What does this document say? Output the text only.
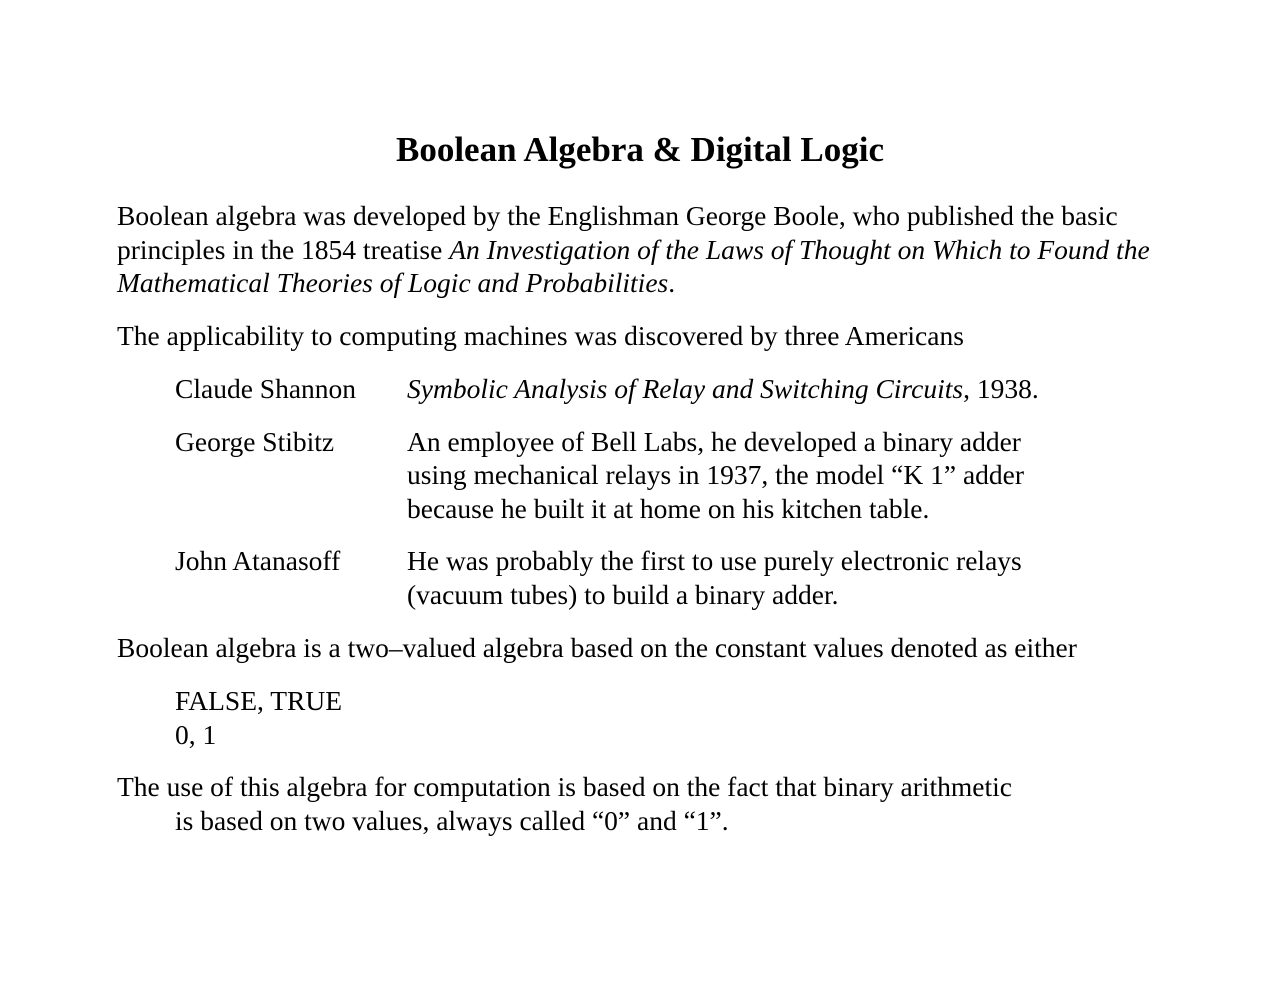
Boolean Algebra & Digital Logic

Boolean algebra was developed by the Englishman George Boole, who published the basic principles in the 1854 treatise An Investigation of the Laws of Thought on Which to Found the Mathematical Theories of Logic and Probabilities.

The applicability to computing machines was discovered by three Americans

Claude Shannon	Symbolic Analysis of Relay and Switching Circuits, 1938.
George Stibitz	An employee of Bell Labs, he developed a binary adder using mechanical relays in 1937, the model “K 1” adder because he built it at home on his kitchen table.
John Atanasoff	He was probably the first to use purely electronic relays (vacuum tubes) to build a binary adder.

Boolean algebra is a two–valued algebra based on the constant values denoted as either

FALSE, TRUE
0, 1

The use of this algebra for computation is based on the fact that binary arithmetic
is based on two values, always called “0” and “1”.
